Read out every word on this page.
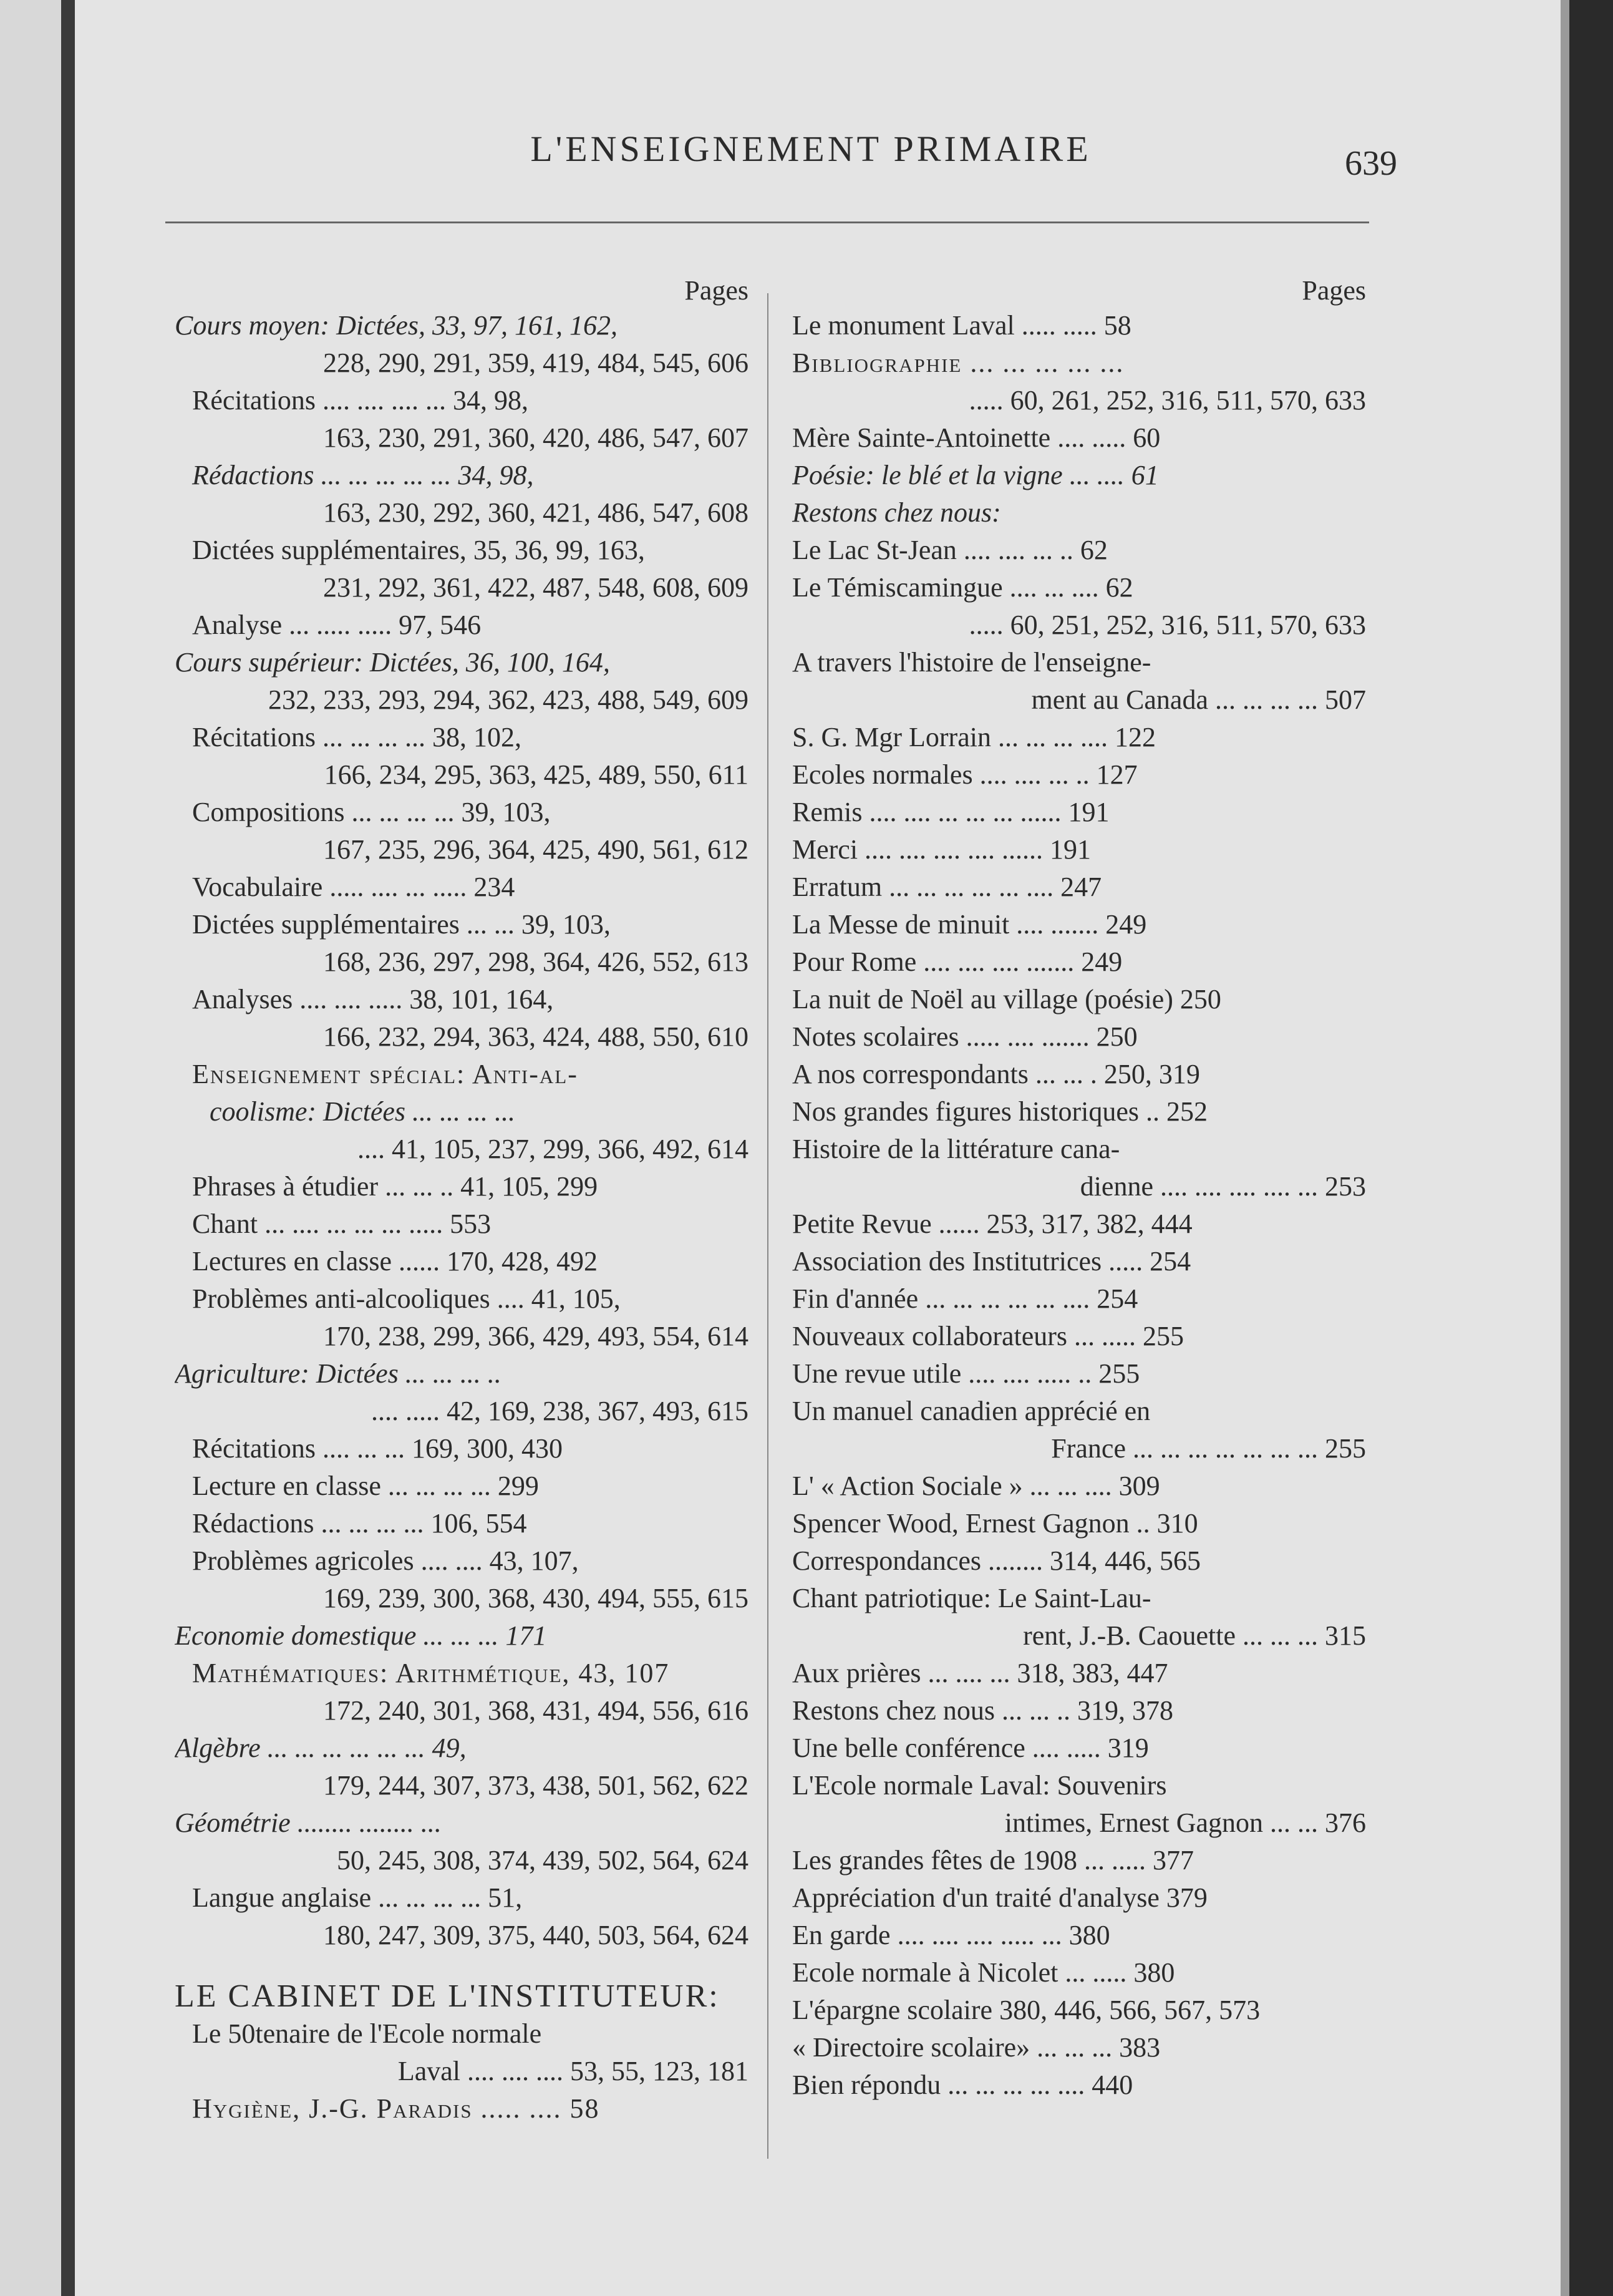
L'ENSEIGNEMENT PRIMAIRE	639
Pages
Cours moyen: Dictées, 33, 97, 161, 162,
228, 290, 291, 359, 419, 484, 545, 606
Récitations .... .... .... ... 34, 98,
163, 230, 291, 360, 420, 486, 547, 607
Rédactions ... ... ... ... ... 34, 98,
163, 230, 292, 360, 421, 486, 547, 608
Dictées supplémentaires, 35, 36, 99, 163,
231, 292, 361, 422, 487, 548, 608, 609
Analyse ... ..... ..... 97, 546
Cours supérieur: Dictées, 36, 100, 164,
232, 233, 293, 294, 362, 423, 488, 549, 609
Récitations ... ... ... ... 38, 102,
166, 234, 295, 363, 425, 489, 550, 611
Compositions ... ... ... ... 39, 103,
167, 235, 296, 364, 425, 490, 561, 612
Vocabulaire ..... .... ... ..... 234
Dictées supplémentaires ... ... 39, 103,
168, 236, 297, 298, 364, 426, 552, 613
Analyses .... .... ..... 38, 101, 164,
166, 232, 294, 363, 424, 488, 550, 610
Enseignement spécial: Anti-al-
coolisme: Dictées ... ... ... ...
.... 41, 105, 237, 299, 366, 492, 614
Phrases à étudier ... ... .. 41, 105, 299
Chant ... .... ... ... ... ..... 553
Lectures en classe ...... 170, 428, 492
Problèmes anti-alcooliques .... 41, 105,
170, 238, 299, 366, 429, 493, 554, 614
Agriculture: Dictées ... ... ... ..
.... ..... 42, 169, 238, 367, 493, 615
Récitations .... ... ... 169, 300, 430
Lecture en classe ... ... ... ... 299
Rédactions ... ... ... ... 106, 554
Problèmes agricoles .... .... 43, 107,
169, 239, 300, 368, 430, 494, 555, 615
Economie domestique ... ... ... 171
Mathématiques: Arithmétique, 43, 107
172, 240, 301, 368, 431, 494, 556, 616
Algèbre ... ... ... ... ... ... 49,
179, 244, 307, 373, 438, 501, 562, 622
Géométrie ........ ........ ...
50, 245, 308, 374, 439, 502, 564, 624
Langue anglaise ... ... ... ... 51,
180, 247, 309, 375, 440, 503, 564, 624
LE CABINET DE L'INSTITUTEUR:
Le 50tenaire de l'Ecole normale
Laval .... .... .... 53, 55, 123, 181
Hygiène, J.-G. Paradis ..... .... 58
Pages
Le monument Laval ..... ..... 58
Bibliographie ... ... ... ... ...
..... 60, 261, 252, 316, 511, 570, 633
Mère Sainte-Antoinette .... ..... 60
Poésie: le blé et la vigne ... .... 61
Restons chez nous:
Le Lac St-Jean .... .... ... .. 62
Le Témiscamingue .... ... .... 62
..... 60, 251, 252, 316, 511, 570, 633
A travers l'histoire de l'enseigne-
ment au Canada ... ... ... ... 507
S. G. Mgr Lorrain ... ... ... .... 122
Ecoles normales .... .... ... .. 127
Remis .... .... ... ... ... ...... 191
Merci .... .... .... .... ...... 191
Erratum ... ... ... ... ... .... 247
La Messe de minuit .... ....... 249
Pour Rome .... .... .... ....... 249
La nuit de Noël au village (poésie) 250
Notes scolaires ..... .... ....... 250
A nos correspondants ... ... . 250, 319
Nos grandes figures historiques .. 252
Histoire de la littérature cana-
dienne .... .... .... .... ... 253
Petite Revue ...... 253, 317, 382, 444
Association des Institutrices ..... 254
Fin d'année ... ... ... ... ... .... 254
Nouveaux collaborateurs ... ..... 255
Une revue utile .... .... ..... .. 255
Un manuel canadien apprécié en
France ... ... ... ... ... ... ... 255
L' « Action Sociale » ... ... .... 309
Spencer Wood, Ernest Gagnon .. 310
Correspondances ........ 314, 446, 565
Chant patriotique: Le Saint-Lau-
rent, J.-B. Caouette ... ... ... 315
Aux prières ... .... ... 318, 383, 447
Restons chez nous ... ... .. 319, 378
Une belle conférence .... ..... 319
L'Ecole normale Laval: Souvenirs
intimes, Ernest Gagnon ... ... 376
Les grandes fêtes de 1908 ... ..... 377
Appréciation d'un traité d'analyse 379
En garde .... .... .... ..... ... 380
Ecole normale à Nicolet ... ..... 380
L'épargne scolaire 380, 446, 566, 567, 573
« Directoire scolaire» ... ... ... 383
Bien répondu ... ... ... ... .... 440
